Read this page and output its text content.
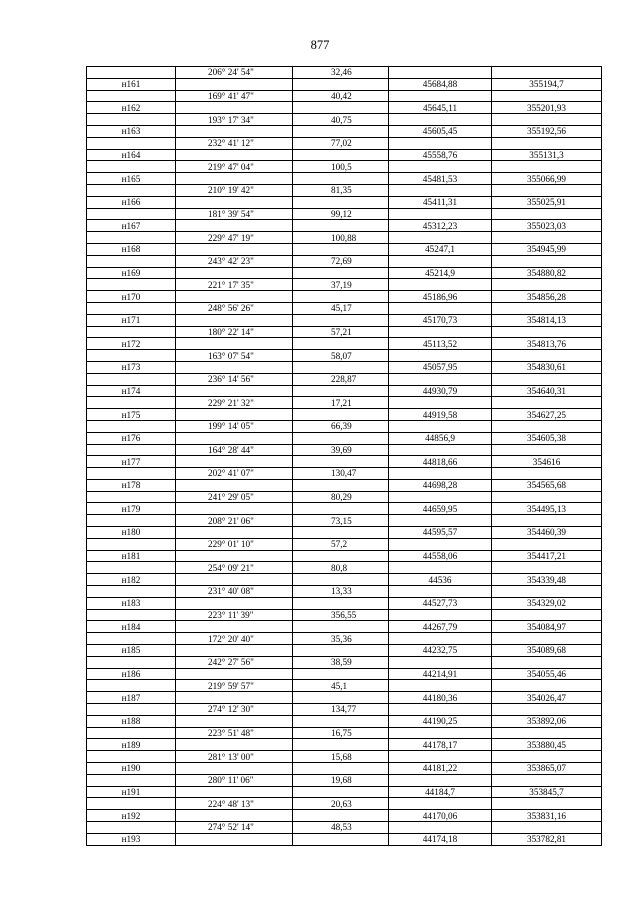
877
	206° 24' 54"	32,46		
н161			45684,88	355194,7
	169° 41' 47"	40,42		
н162			45645,11	355201,93
	193° 17' 34"	40,75		
н163			45605,45	355192,56
	232° 41' 12"	77,02		
н164			45558,76	355131,3
	219° 47' 04"	100,5		
н165			45481,53	355066,99
	210° 19' 42"	81,35		
н166			45411,31	355025,91
	181° 39' 54"	99,12		
н167			45312,23	355023,03
	229° 47' 19"	100,88		
н168			45247,1	354945,99
	243° 42' 23"	72,69		
н169			45214,9	354880,82
	221° 17' 35"	37,19		
н170			45186,96	354856,28
	248° 56' 26"	45,17		
н171			45170,73	354814,13
	180° 22' 14"	57,21		
н172			45113,52	354813,76
	163° 07' 54"	58,07		
н173			45057,95	354830,61
	236° 14' 56"	228,87		
н174			44930,79	354640,31
	229° 21' 32"	17,21		
н175			44919,58	354627,25
	199° 14' 05"	66,39		
н176			44856,9	354605,38
	164° 28' 44"	39,69		
н177			44818,66	354616
	202° 41' 07"	130,47		
н178			44698,28	354565,68
	241° 29' 05"	80,29		
н179			44659,95	354495,13
	208° 21' 06"	73,15		
н180			44595,57	354460,39
	229° 01' 10"	57,2		
н181			44558,06	354417,21
	254° 09' 21"	80,8		
н182			44536	354339,48
	231° 40' 08"	13,33		
н183			44527,73	354329,02
	223° 11' 39"	356,55		
н184			44267,79	354084,97
	172° 20' 40"	35,36		
н185			44232,75	354089,68
	242° 27' 56"	38,59		
н186			44214,91	354055,46
	219° 59' 57"	45,1		
н187			44180,36	354026,47
	274° 12' 30"	134,77		
н188			44190,25	353892,06
	223° 51' 48"	16,75		
н189			44178,17	353880,45
	281° 13' 00"	15,68		
н190			44181,22	353865,07
	280° 11' 06"	19,68		
н191			44184,7	353845,7
	224° 48' 13"	20,63		
н192			44170,06	353831,16
	274° 52' 14"	48,53		
н193			44174,18	353782,81
